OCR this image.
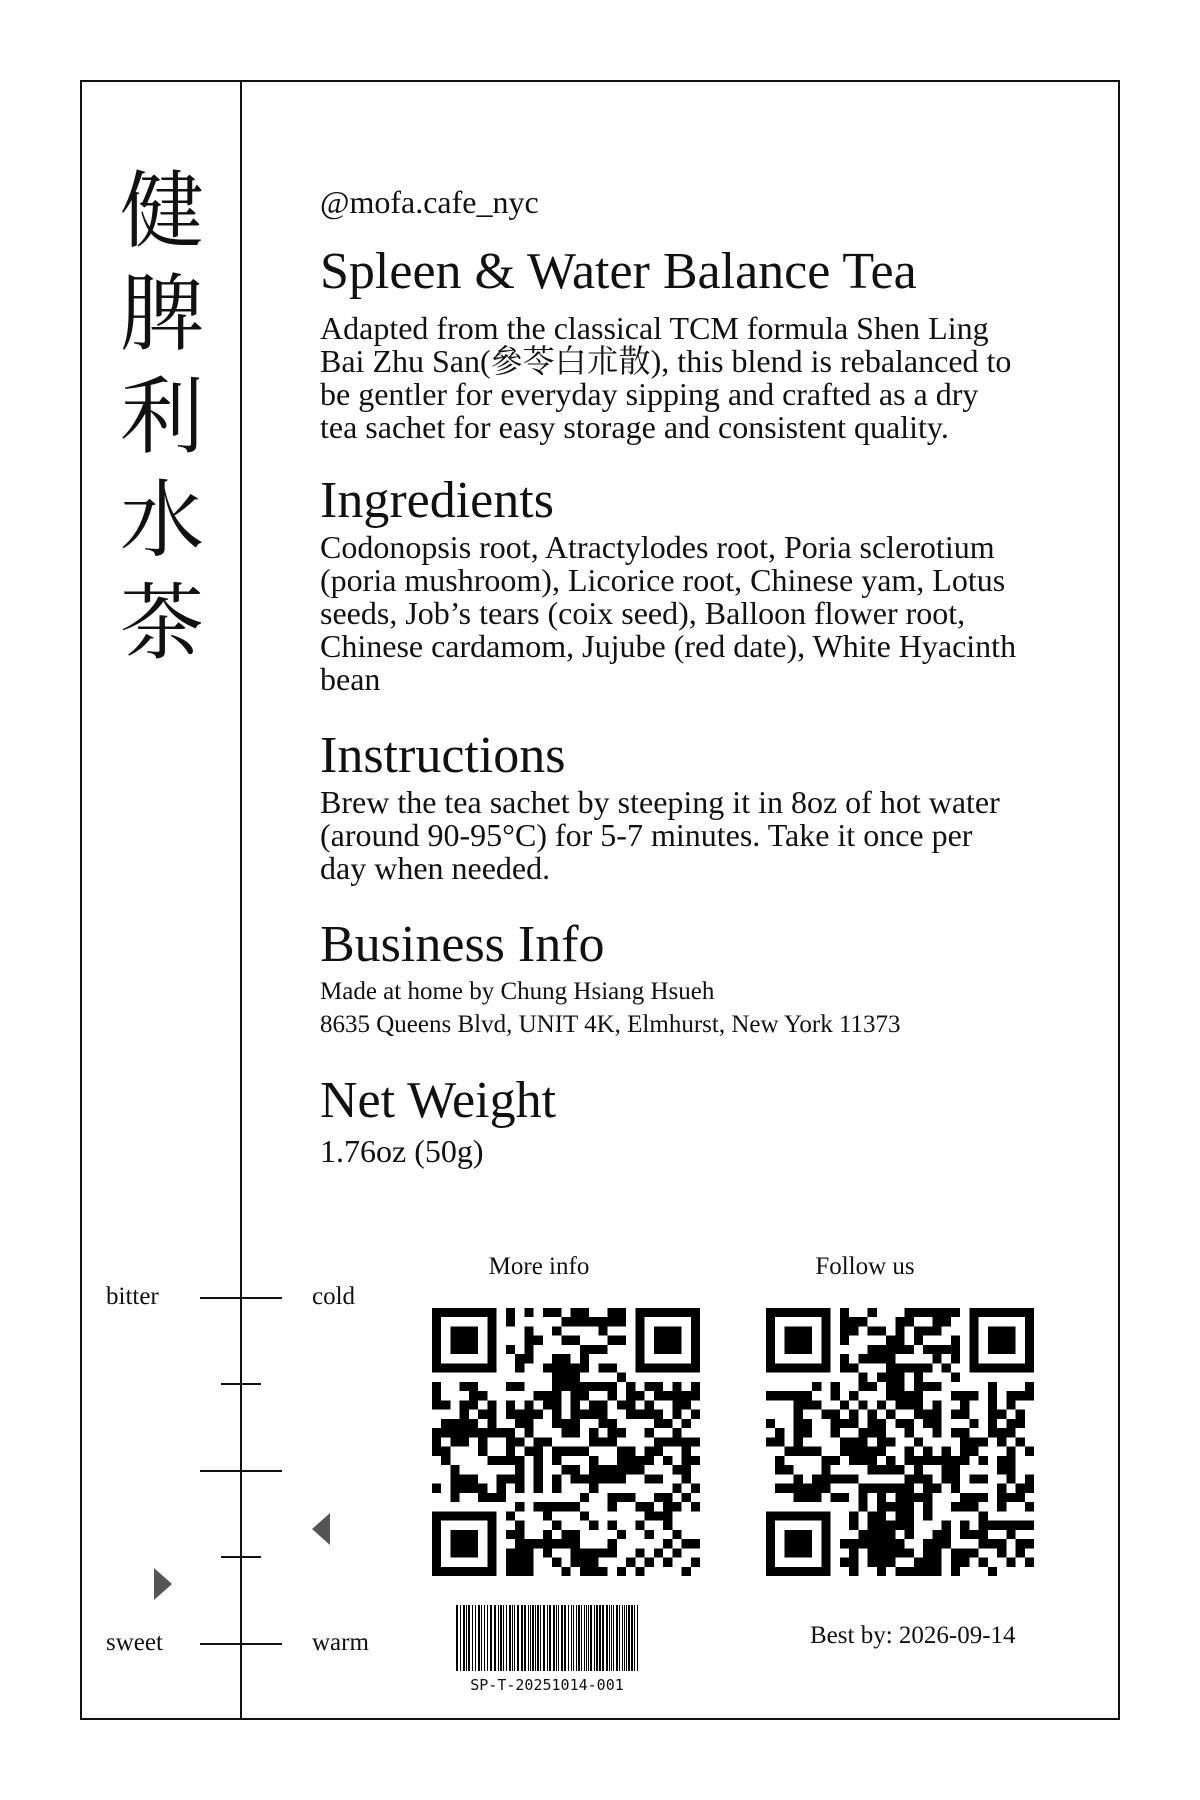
健
脾
利
水
茶
@mofa.cafe_nyc
Spleen & Water Balance Tea
Adapted from the classical TCM formula Shen Ling Bai Zhu San(參苓白朮散), this blend is rebalanced to be gentler for everyday sipping and crafted as a dry tea sachet for easy storage and consistent quality.
Ingredients
Codonopsis root, Atractylodes root, Poria sclerotium (poria mushroom), Licorice root, Chinese yam, Lotus seeds, Job’s tears (coix seed), Balloon flower root, Chinese cardamom, Jujube (red date), White Hyacinth bean
Instructions
Brew the tea sachet by steeping it in 8oz of hot water (around 90-95°C) for 5-7 minutes. Take it once per day when needed.
Business Info
Made at home by Chung Hsiang Hsueh
8635 Queens Blvd, UNIT 4K, Elmhurst, New York 11373
Net Weight
1.76oz (50g)
bitter
sweet
cold
warm
More info	Follow us
SP-T-20251014-001
Best by: 2026-09-14
